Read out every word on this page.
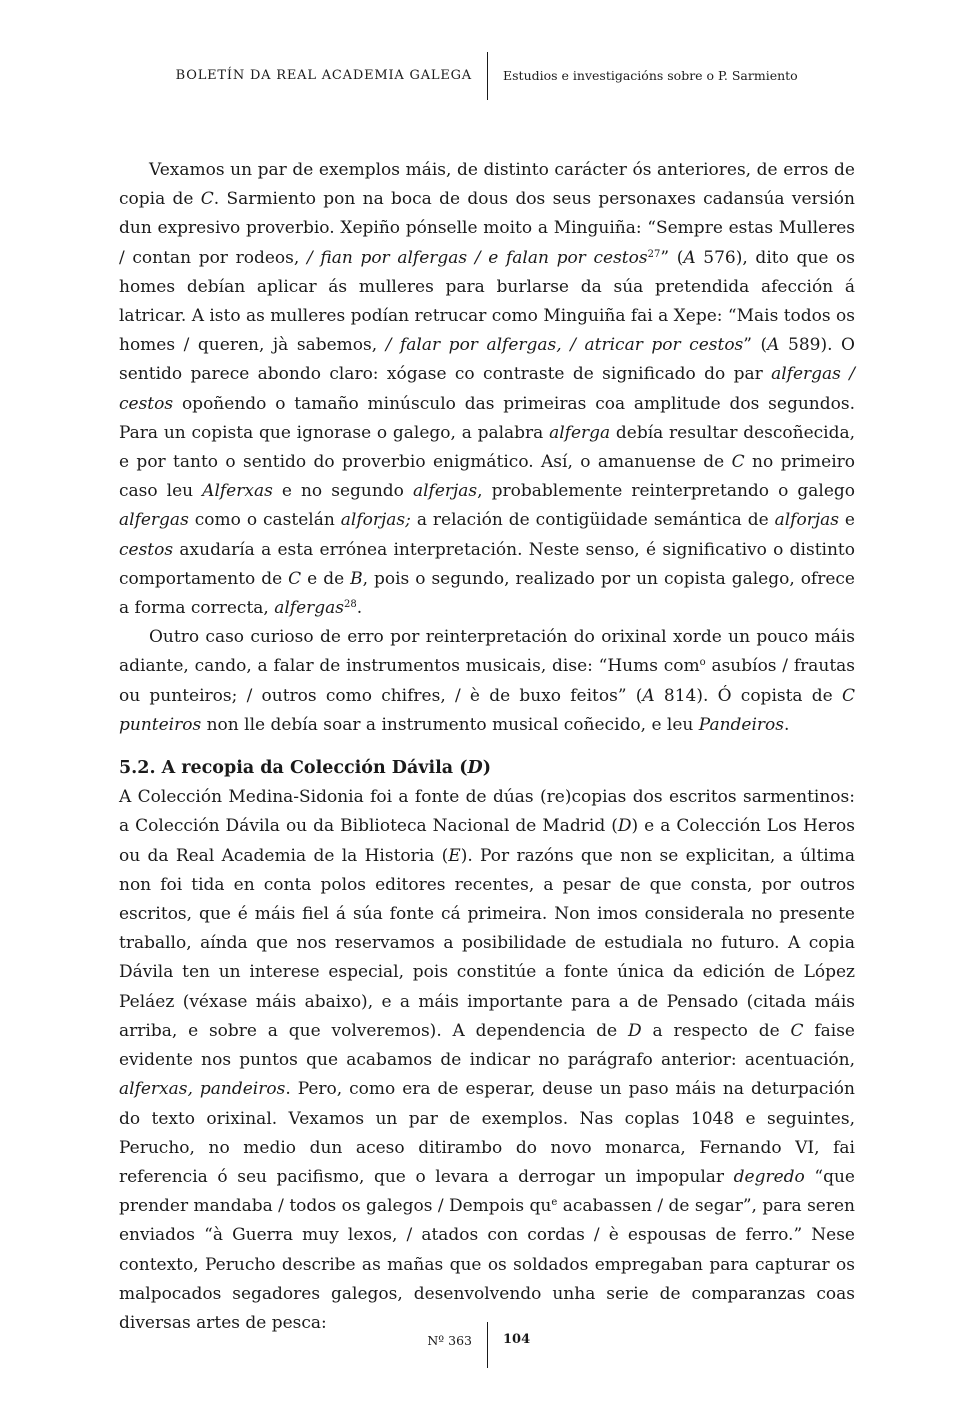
BOLETÍN DA REAL ACADEMIA GALEGA Estudios e investigacións sobre o P. Sarmiento

Vexamos un par de exemplos máis, de distinto carácter ós anteriores, de erros de copia de C. Sarmiento pon na boca de dous dos seus personaxes cadansúa versión dun expresivo proverbio. Xepiño pónselle moito a Minguiña: “Sempre estas Mulleres / contan por rodeos, / fian por alfergas / e falan por cestos$^{27}$” (A 576), dito que os homes debían aplicar ás mulleres para burlarse da súa pretendida afección á latricar. A isto as mulleres podían retrucar como Minguiña fai a Xepe: “Mais todos os homes / queren, jà sabemos, / falar por alfergas, / atricar por cestos” (A 589). O sentido parece abondo claro: xógase co contraste de significado do par alfergas / cestos opoñendo o tamaño minúsculo das primeiras coa amplitude dos segundos. Para un copista que ignorase o galego, a palabra alferga debía resultar descoñecida, e por tanto o sentido do proverbio enigmático. Así, o amanuense de C no primeiro caso leu Alferxas e no segundo alferjas, probablemente reinterpretando o galego alfergas como o castelán alforjas; a relación de contigüidade semántica de alforjas e cestos axudaría a esta errónea interpretación. Neste senso, é significativo o distinto comportamento de C e de B, pois o segundo, realizado por un copista galego, ofrece a forma correcta, alfergas$^{28}$.

Outro caso curioso de erro por reinterpretación do orixinal xorde un pouco máis adiante, cando, a falar de instrumentos musicais, dise: “Hums com$^o$ asubíos / frautas ou punteiros; / outros como chifres, / è de buxo feitos” (A 814). Ó copista de C punteiros non lle debía soar a instrumento musical coñecido, e leu Pandeiros.

5.2. A recopia da Colección Dávila (D)

A Colección Medina-Sidonia foi a fonte de dúas (re)copias dos escritos sarmentinos: a Colección Dávila ou da Biblioteca Nacional de Madrid (D) e a Colección Los Heros ou da Real Academia de la Historia (E). Por razóns que non se explicitan, a última non foi tida en conta polos editores recentes, a pesar de que consta, por outros escritos, que é máis fiel á súa fonte cá primeira. Non imos consideral​a no presente traballo, aínda que nos reservamos a posibilidade de estudiala no futuro. A copia Dávila ten un interese especial, pois constitúe a fonte única da edición de López Peláez (véxase máis abaixo), e a máis importante para a de Pensado (citada máis arriba, e sobre a que volveremos). A dependencia de D a respecto de C faise evidente nos puntos que acabamos de indicar no parágrafo anterior: acentuación, alferxas, pandeiros. Pero, como era de esperar, deuse un paso máis na deturpación do texto orixinal. Vexamos un par de exemplos. Nas coplas 1048 e seguintes, Perucho, no medio dun aceso ditirambo do novo monarca, Fernando VI, fai referencia ó seu pacifismo, que o levara a derrogar un impopular degredo “que prender mandaba / todos os galegos / Dempois $qu^e$ acabassen / de segar”, para seren enviados “à Guerra muy lexos, / atados con cordas / è espousas de ferro.” Nese contexto, Perucho describe as mañas que os soldados empregaban para capturar os malpocados segadores galegos, desenvolvendo unha serie de comparanzas coas diversas artes de pesca:

Nº 363 104
